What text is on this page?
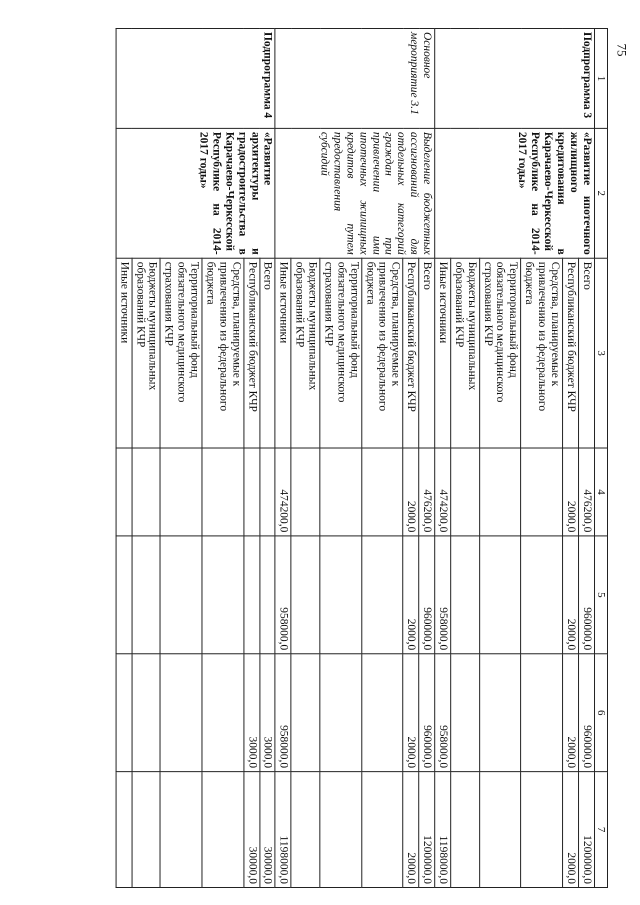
75
1	2	3	4	5	6	7
Подпрограмма 3	«Развитие ипотечного жилищного кредитования в Карачаево-Черкесской Республике на 2014-2017 годы»	Всего	476200,0	960000,0	960000,0	1200000,0
		Республиканский бюджет КЧР	2000,0	2000,0	2000,0	2000,0
		Средства, планируемые к привлечению из федерального бюджета				
		Территориальный фонд обязательного медицинского страхования КЧР				
		Бюджеты муниципальных образований КЧР				
		Иные источники	474200,0	958000,0	958000,0	1198000,0
Основное мероприятие 3.1	Выделение бюджетных ассигнований для отдельных категорий граждан при привлечении ими ипотечных жилищных кредитов путем предоставления субсидий	Всего	476200,0	960000,0	960000,0	1200000,0
		Республиканский бюджет КЧР	2000,0	2000,0	2000,0	2000,0
		Средства, планируемые к привлечению из федерального бюджета				
		Территориальный фонд обязательного медицинского страхования КЧР				
		Бюджеты муниципальных образований КЧР				
		Иные источники	474200,0	958000,0	958000,0	1198000,0
Подпрограмма 4	«Развитие архитектуры и градостроительства в Карачаево-Черкесской Республике на 2014-2017 годы»	Всего			3000,0	30000,0
		Республиканский бюджет КЧР			3000,0	30000,0
		Средства, планируемые к привлечению из федерального бюджета				
		Территориальный фонд обязательного медицинского страхования КЧР				
		Бюджеты муниципальных образований КЧР				
		Иные источники				
